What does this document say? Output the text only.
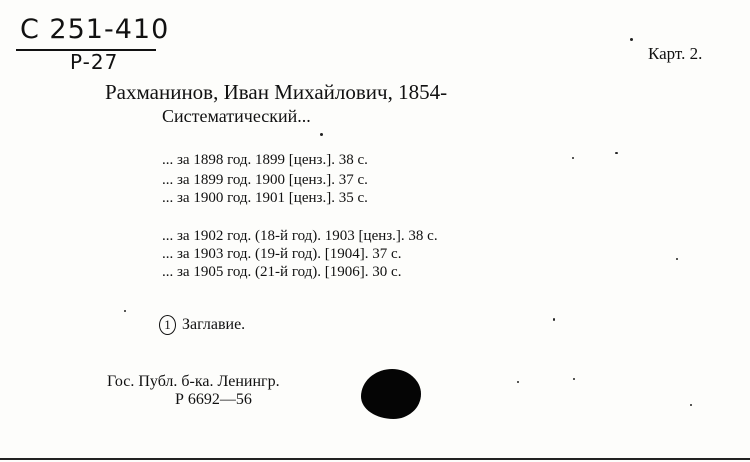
C 251-410
P-27	Карт. 2.
Рахманинов, Иван Михайлович, 1854-
Систематический...
... за 1898 год. 1899 [ценз.]. 38 с.
... за 1899 год. 1900 [ценз.]. 37 с.
... за 1900 год. 1901 [ценз.]. 35 с.
... за 1902 год. (18-й год). 1903 [ценз.]. 38 с.
... за 1903 год. (19-й год). [1904]. 37 с.
... за 1905 год. (21-й год). [1906]. 30 с.
1 Заглавие.
Гос. Публ. б-ка. Ленингр.
Р 6692—56
